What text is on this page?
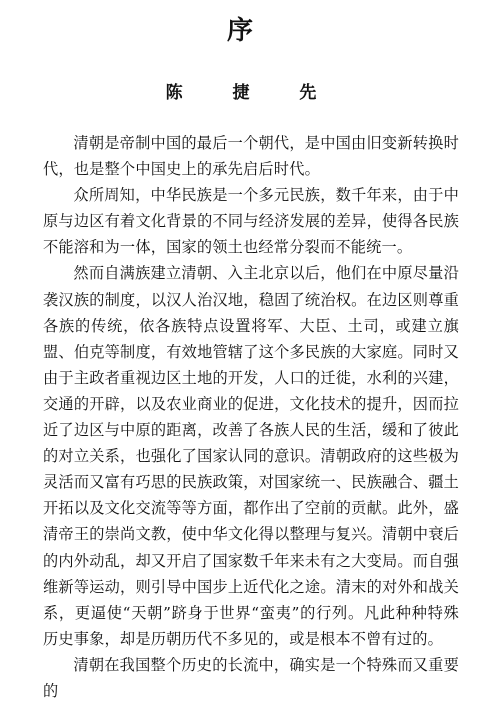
序
陈 捷 先

清朝是帝制中国的最后一个朝代，是中国由旧变新转换时代，也是整个中国史上的承先启后时代。

众所周知，中华民族是一个多元民族，数千年来，由于中原与边区有着文化背景的不同与经济发展的差异，使得各民族不能溶和为一体，国家的领土也经常分裂而不能统一。

然而自满族建立清朝、入主北京以后，他们在中原尽量沿袭汉族的制度，以汉人治汉地，稳固了统治权。在边区则尊重各族的传统，依各族特点设置将军、大臣、土司，或建立旗盟、伯克等制度，有效地管辖了这个多民族的大家庭。同时又由于主政者重视边区土地的开发，人口的迁徙，水利的兴建，交通的开辟，以及农业商业的促进，文化技术的提升，因而拉近了边区与中原的距离，改善了各族人民的生活，缓和了彼此的对立关系，也强化了国家认同的意识。清朝政府的这些极为灵活而又富有巧思的民族政策，对国家统一、民族融合、疆土开拓以及文化交流等等方面，都作出了空前的贡献。此外，盛清帝王的崇尚文教，使中华文化得以整理与复兴。清朝中衰后的内外动乱，却又开启了国家数千年来未有之大变局。而自强维新等运动，则引导中国步上近代化之途。清末的对外和战关系，更逼使“天朝”跻身于世界“蛮夷”的行列。凡此种种特殊历史事象，却是历朝历代不多见的，或是根本不曾有过的。

清朝在我国整个历史的长流中，确实是一个特殊而又重要的
